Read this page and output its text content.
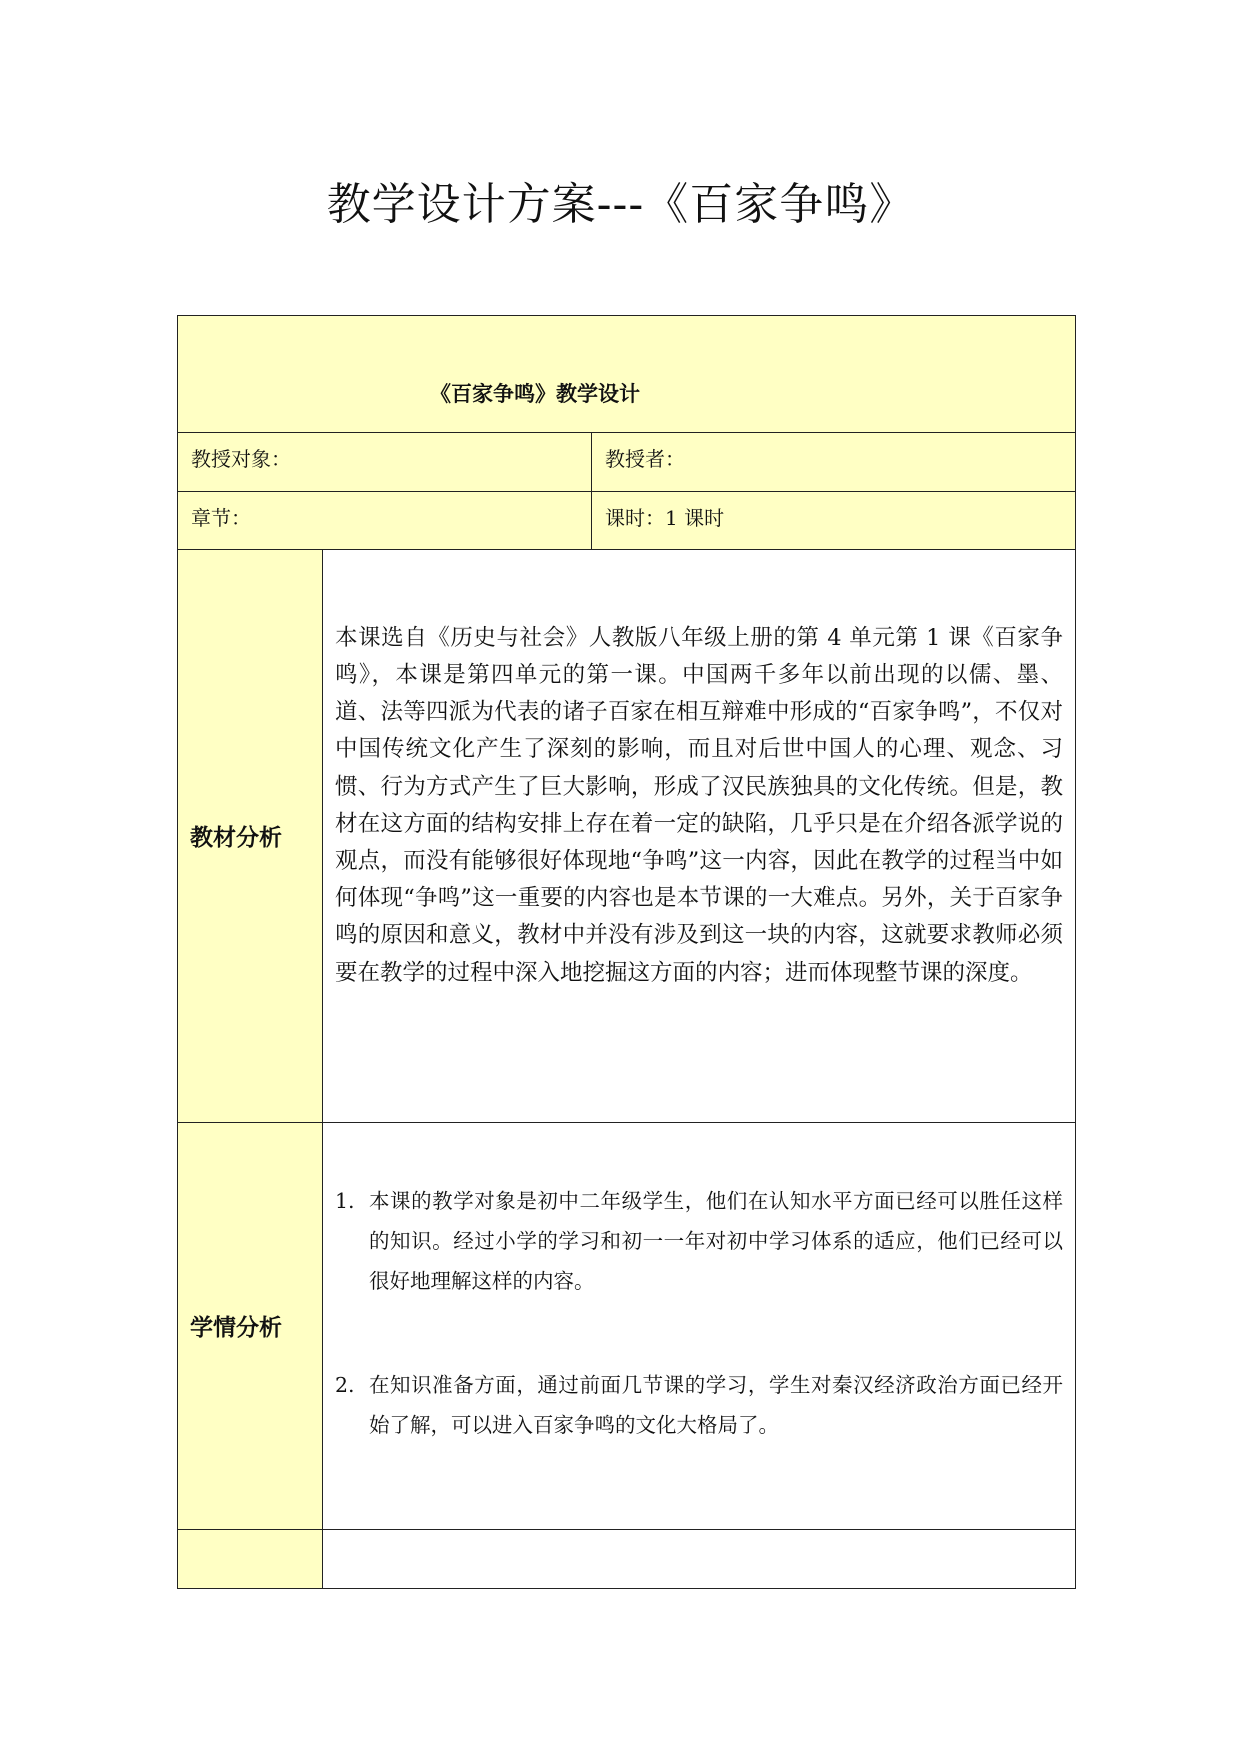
教学设计方案---《百家争鸣》
《百家争鸣》教学设计		

教授对象：		教授者：

章节：		课时：1 课时

教材分析	本课选自《历史与社会》人教版八年级上册的第 4 单元第 1 课《百家争鸣》，本课是第四单元的第一课。中国两千多年以前出现的以儒、墨、道、法等四派为代表的诸子百家在相互辩难中形成的“百家争鸣”，不仅对中国传统文化产生了深刻的影响，而且对后世中国人的心理、观念、习惯、行为方式产生了巨大影响，形成了汉民族独具的文化传统。但是，教材在这方面的结构安排上存在着一定的缺陷，几乎只是在介绍各派学说的观点，而没有能够很好体现地“争鸣”这一内容，因此在教学的过程当中如何体现“争鸣”这一重要的内容也是本节课的一大难点。另外，关于百家争鸣的原因和意义，教材中并没有涉及到这一块的内容，这就要求教师必须要在教学的过程中深入地挖掘这方面的内容；进而体现整节课的深度。	

学情分析	1. 本课的教学对象是初中二年级学生，他们在认知水平方面已经可以胜任这样的知识。经过小学的学习和初一一年对初中学习体系的适应，他们已经可以很好地理解这样的内容。
2. 在知识准备方面，通过前面几节课的学习，学生对秦汉经济政治方面已经开始了解，可以进入百家争鸣的文化大格局了。	
